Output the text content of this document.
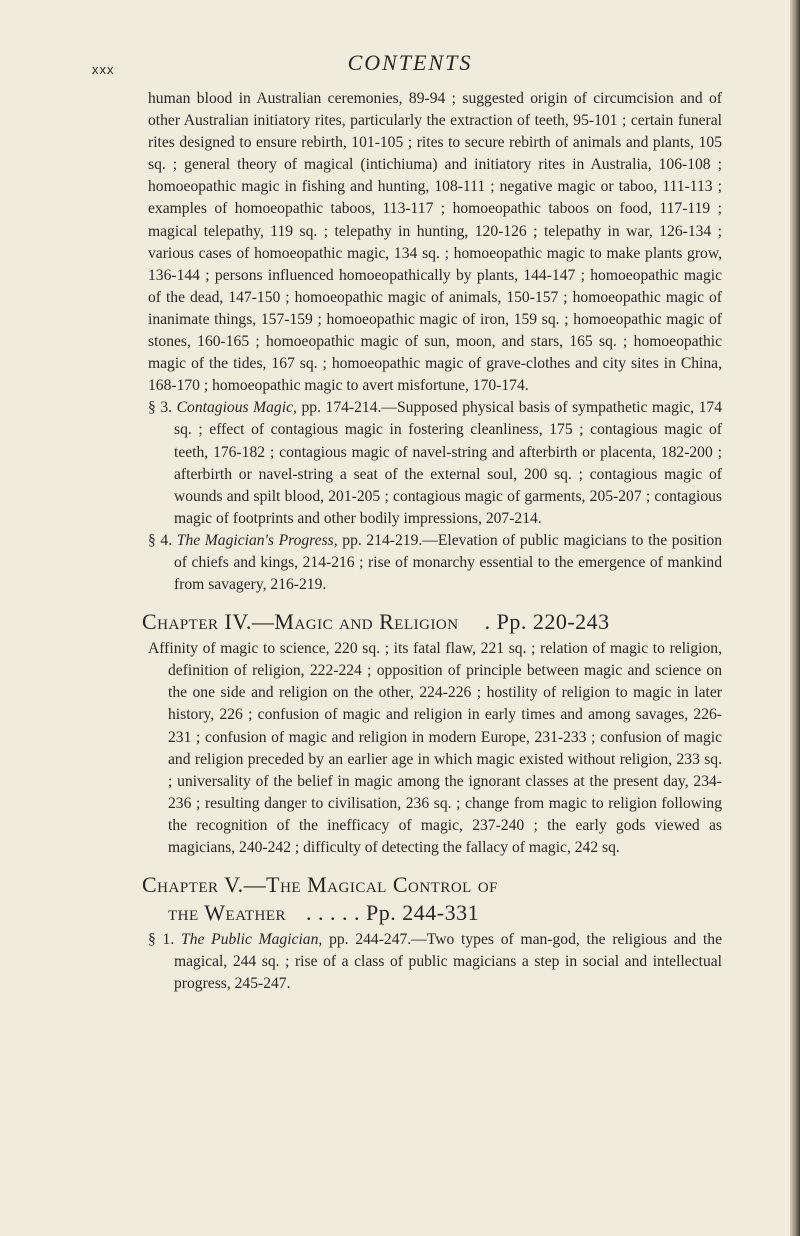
xxx	CONTENTS

human blood in Australian ceremonies, 89-94 ; suggested origin of circumcision and of other Australian initiatory rites, particularly the extraction of teeth, 95-101 ; certain funeral rites designed to ensure rebirth, 101-105 ; rites to secure rebirth of animals and plants, 105 sq. ; general theory of magical (intichiuma) and initiatory rites in Australia, 106-108 ; homoeopathic magic in fishing and hunting, 108-111 ; negative magic or taboo, 111-113 ; examples of homoeopathic taboos, 113-117 ; homoeopathic taboos on food, 117-119 ; magical telepathy, 119 sq. ; telepathy in hunting, 120-126 ; telepathy in war, 126-134 ; various cases of homoeopathic magic, 134 sq. ; homoeopathic magic to make plants grow, 136-144 ; persons influenced homoeopathically by plants, 144-147 ; homoeopathic magic of the dead, 147-150 ; homoeopathic magic of animals, 150-157 ; homoeopathic magic of inanimate things, 157-159 ; homoeopathic magic of iron, 159 sq. ; homoeopathic magic of stones, 160-165 ; homoeopathic magic of sun, moon, and stars, 165 sq. ; homoeopathic magic of the tides, 167 sq. ; homoeopathic magic of grave-clothes and city sites in China, 168-170 ; homoeopathic magic to avert misfortune, 170-174.

§ 3. Contagious Magic, pp. 174-214.—Supposed physical basis of sympathetic magic, 174 sq. ; effect of contagious magic in fostering cleanliness, 175 ; contagious magic of teeth, 176-182 ; contagious magic of navel-string and afterbirth or placenta, 182-200 ; afterbirth or navel-string a seat of the external soul, 200 sq. ; contagious magic of wounds and spilt blood, 201-205 ; contagious magic of garments, 205-207 ; contagious magic of footprints and other bodily impressions, 207-214.

§ 4. The Magician's Progress, pp. 214-219.—Elevation of public magicians to the position of chiefs and kings, 214-216 ; rise of monarchy essential to the emergence of mankind from savagery, 216-219.

Chapter IV.—Magic and Religion . Pp. 220-243

Affinity of magic to science, 220 sq. ; its fatal flaw, 221 sq. ; relation of magic to religion, definition of religion, 222-224 ; opposition of principle between magic and science on the one side and religion on the other, 224-226 ; hostility of religion to magic in later history, 226 ; confusion of magic and religion in early times and among savages, 226-231 ; confusion of magic and religion in modern Europe, 231-233 ; confusion of magic and religion preceded by an earlier age in which magic existed without religion, 233 sq. ; universality of the belief in magic among the ignorant classes at the present day, 234-236 ; resulting danger to civilisation, 236 sq. ; change from magic to religion following the recognition of the inefficacy of magic, 237-240 ; the early gods viewed as magicians, 240-242 ; difficulty of detecting the fallacy of magic, 242 sq.

Chapter V.—The Magical Control of
the Weather . . . . . Pp. 244-331

§ 1. The Public Magician, pp. 244-247.—Two types of man-god, the religious and the magical, 244 sq. ; rise of a class of public magicians a step in social and intellectual progress, 245-247.
